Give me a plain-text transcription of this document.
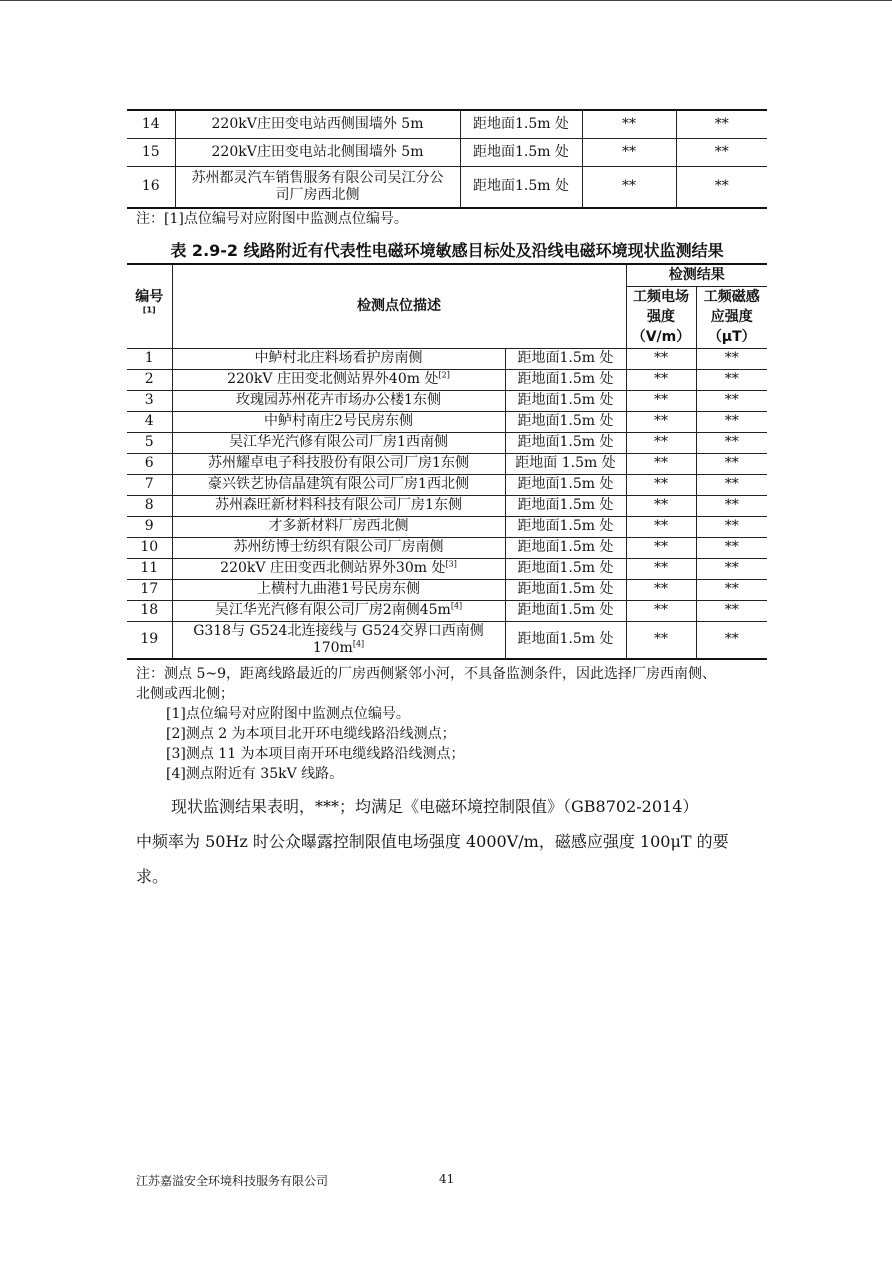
14	220kV庄田变电站西侧围墙外 5m	距地面1.5m 处	**	**
15	220kV庄田变电站北侧围墙外 5m	距地面1.5m 处	**	**
16	苏州都灵汽车销售服务有限公司吴江分公司厂房西北侧	距地面1.5m 处	**	**
注：[1]点位编号对应附图中监测点位编号。
表 2.9-2 线路附近有代表性电磁环境敏感目标处及沿线电磁环境现状监测结果
编号[1]	检测点位描述		检测结果	
			工频电场强度（V/m）	工频磁感应强度（μT）
1	中鲈村北庄料场看护房南侧	距地面1.5m 处	**	**
2	220kV 庄田变北侧站界外40m 处[2]	距地面1.5m 处	**	**
3	玫瑰园苏州花卉市场办公楼1东侧	距地面1.5m 处	**	**
4	中鲈村南庄2号民房东侧	距地面1.5m 处	**	**
5	吴江华光汽修有限公司厂房1西南侧	距地面1.5m 处	**	**
6	苏州耀卓电子科技股份有限公司厂房1东侧	距地面 1.5m 处	**	**
7	豪兴铁艺协信晶建筑有限公司厂房1西北侧	距地面1.5m 处	**	**
8	苏州森旺新材料科技有限公司厂房1东侧	距地面1.5m 处	**	**
9	才多新材料厂房西北侧	距地面1.5m 处	**	**
10	苏州纺博士纺织有限公司厂房南侧	距地面1.5m 处	**	**
11	220kV 庄田变西北侧站界外30m 处[3]	距地面1.5m 处	**	**
17	上横村九曲港1号民房东侧	距地面1.5m 处	**	**
18	吴江华光汽修有限公司厂房2南侧45m[4]	距地面1.5m 处	**	**
19	G318与 G524北连接线与 G524交界口西南侧
170m[4]	距地面1.5m 处	**	**
注：测点 5~9，距离线路最近的厂房西侧紧邻小河，不具备监测条件，因此选择厂房西南侧、
北侧或西北侧；
[1]点位编号对应附图中监测点位编号。
[2]测点 2 为本项目北开环电缆线路沿线测点；
[3]测点 11 为本项目南开环电缆线路沿线测点；
[4]测点附近有 35kV 线路。
现状监测结果表明，***；均满足《电磁环境控制限值》（GB8702-2014）
中频率为 50Hz 时公众曝露控制限值电场强度 4000V/m，磁感应强度 100μT 的要
求。
江苏嘉溢安全环境科技服务有限公司	41
